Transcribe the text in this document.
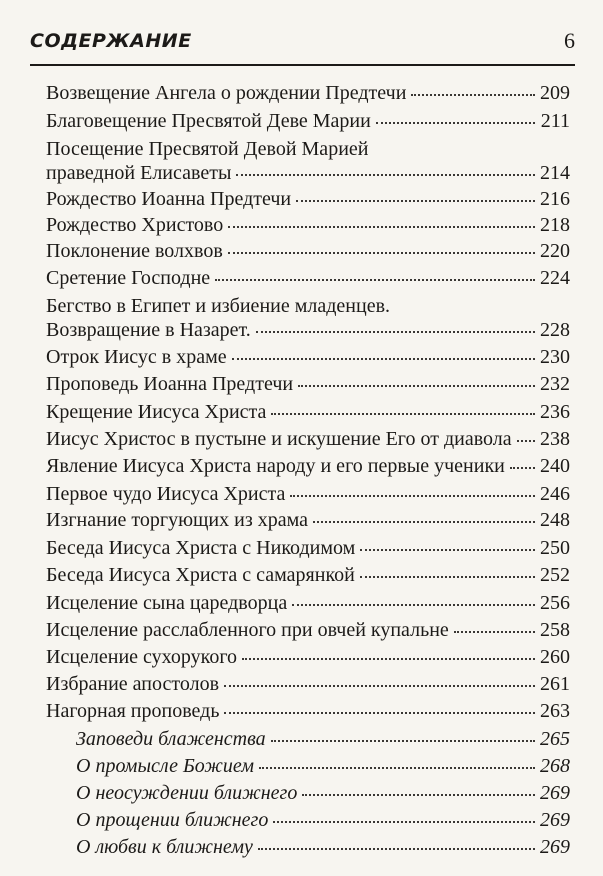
СОДЕРЖАНИЕ	6
Возвещение Ангела о рождении Предтечи	209
Благовещение Пресвятой Деве Марии	211
Посещение Пресвятой Девой Марией
праведной Елисаветы	214
Рождество Иоанна Предтечи	216
Рождество Христово	218
Поклонение волхвов	220
Сретение Господне	224
Бегство в Египет и избиение младенцев.
Возвращение в Назарет.	228
Отрок Иисус в храме	230
Проповедь Иоанна Предтечи	232
Крещение Иисуса Христа	236
Иисус Христос в пустыне и искушение Его от диавола 238
Явление Иисуса Христа народу и его первые ученики 240
Первое чудо Иисуса Христа	246
Изгнание торгующих из храма	248
Беседа Иисуса Христа с Никодимом	250
Беседа Иисуса Христа с самарянкой	252
Исцеление сына царедворца	256
Исцеление расслабленного при овчей купальне	258
Исцеление сухорукого	260
Избрание апостолов	261
Нагорная проповедь	263
Заповеди блаженства	265
О промысле Божием	268
О неосуждении ближнего	269
О прощении ближнего	269
О любви к ближнему	269
